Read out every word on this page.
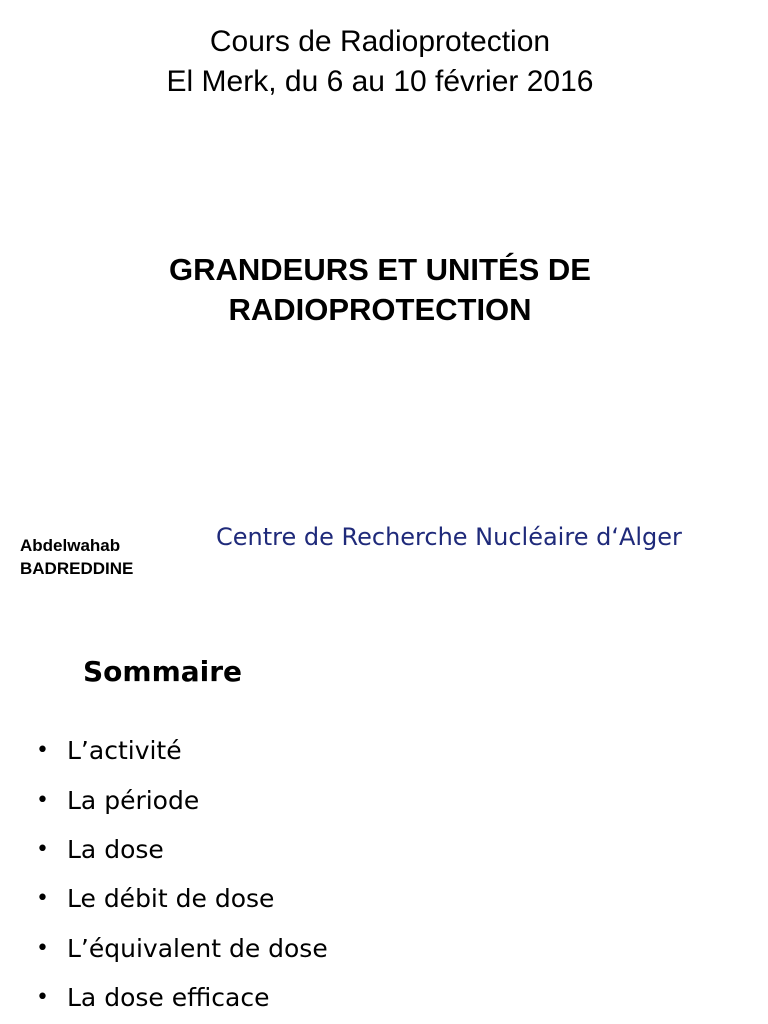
Cours de Radioprotection
El Merk, du 6 au 10 février 2016
GRANDEURS ET UNITÉS DE
RADIOPROTECTION
Abdelwahab
BADREDDINE
Centre de Recherche Nucléaire d‘Alger
Sommaire
• L’activité
• La période
• La dose
• Le débit de dose
• L’équivalent de dose
• La dose efficace
